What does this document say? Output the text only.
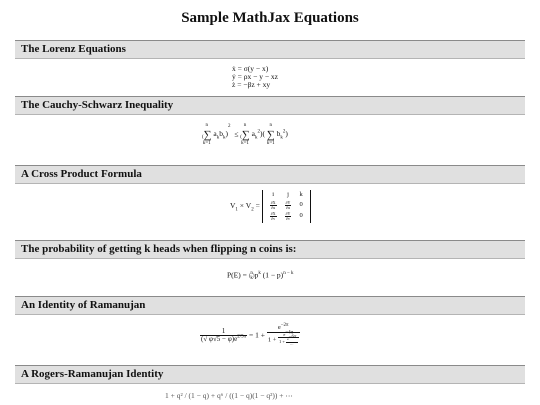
Sample MathJax Equations
The Lorenz Equations
ẋ = σ(y − x)
ẏ = ρx − y − xz
ż = −βz + xy
The Cauchy-Schwarz Inequality
n
(∑
k=1
$a_kb_k)^2$  ≤
n
(∑
k=1
$a_k^2$)(
n
∑
k=1
$b_k^2$)
A Cross Product Formula
$V_1 \times V_2$ =
i	j	k

$\frac{\partial X}{\partial u}$	$\frac{\partial Y}{\partial u}$	0

$\frac{\partial X}{\partial v}$	$\frac{\partial Y}{\partial v}$	0
The probability of getting k heads when flipping n coins is:
P(E) = (
n
k )$p^k$ $(1 - p)^{n - k}$
An Identity of Ramanujan
$\frac{1}{(√ \varphi√5 - \varphi)e^{2/5\pi}} = 1$ +
$e^{-2\pi}$
$1 + \frac{e^{-4\pi}}{1 + \frac{e^{-6\pi}}{\dots}}$
A Rogers-Ramanujan Identity
1 + q² / (1 − q) + q⁶ / ((1 − q)(1 − q²)) + ⋯
